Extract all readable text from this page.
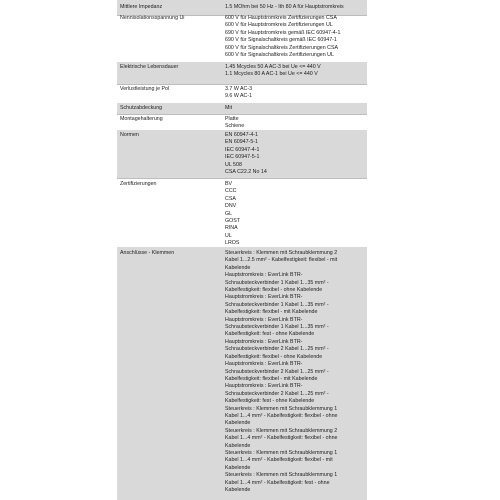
Mittlere Impedanz	1.5 MOhm bei 50 Hz - Ith 80 A für Hauptstromkreis
Nennisolationsspannung Ui	600 V für Hauptstromkreis Zertifizierungen CSA
600 V für Hauptstromkreis Zertifizierungen UL
690 V für Hauptstromkreis gemäß IEC 60947-4-1
690 V für Signalschaltkreis gemäß IEC 60947-1
600 V für Signalschaltkreis Zertifizierungen CSA
600 V für Signalschaltkreis Zertifizierungen UL
Elektrische Lebensdauer	1.45 Mcycles 50 A AC-3 bei Ue <= 440 V
1.1 Mcycles 80 A AC-1 bei Ue <= 440 V
Verlustleistung je Pol	3.7 W AC-3
9.6 W AC-1
Schutzabdeckung	Mit
Montagehalterung	Platte
Schiene
Normen	EN 60947-4-1
EN 60947-5-1
IEC 60947-4-1
IEC 60947-5-1
UL 508
CSA C22.2 No 14
Zertifizierungen	BV
CCC
CSA
DNV
GL
GOST
RINA
UL
LROS
Anschlüsse - Klemmen	Steuerkreis : Klemmen mit Schraubklemmung 2
Kabel 1...2.5 mm² - Kabelfestigkeit: flexibel - mit
Kabelende
Hauptstromkreis : EverLink BTR-
Schraubsteckverbinder 1 Kabel 1...35 mm² -
Kabelfestigkeit: flexibel - ohne Kabelende
Hauptstromkreis : EverLink BTR-
Schraubsteckverbinder 1 Kabel 1...35 mm² -
Kabelfestigkeit: flexibel - mit Kabelende
Hauptstromkreis : EverLink BTR-
Schraubsteckverbinder 1 Kabel 1...35 mm² -
Kabelfestigkeit: fest - ohne Kabelende
Hauptstromkreis : EverLink BTR-
Schraubsteckverbinder 2 Kabel 1...25 mm² -
Kabelfestigkeit: flexibel - ohne Kabelende
Hauptstromkreis : EverLink BTR-
Schraubsteckverbinder 2 Kabel 1...25 mm² -
Kabelfestigkeit: flexibel - mit Kabelende
Hauptstromkreis : EverLink BTR-
Schraubsteckverbinder 2 Kabel 1...25 mm² -
Kabelfestigkeit: fest - ohne Kabelende
Steuerkreis : Klemmen mit Schraubklemmung 1
Kabel 1...4 mm² - Kabelfestigkeit: flexibel - ohne
Kabelende
Steuerkreis : Klemmen mit Schraubklemmung 2
Kabel 1...4 mm² - Kabelfestigkeit: flexibel - ohne
Kabelende
Steuerkreis : Klemmen mit Schraubklemmung 1
Kabel 1...4 mm² - Kabelfestigkeit: flexibel - mit
Kabelende
Steuerkreis : Klemmen mit Schraubklemmung 1
Kabel 1...4 mm² - Kabelfestigkeit: fest - ohne
Kabelende
